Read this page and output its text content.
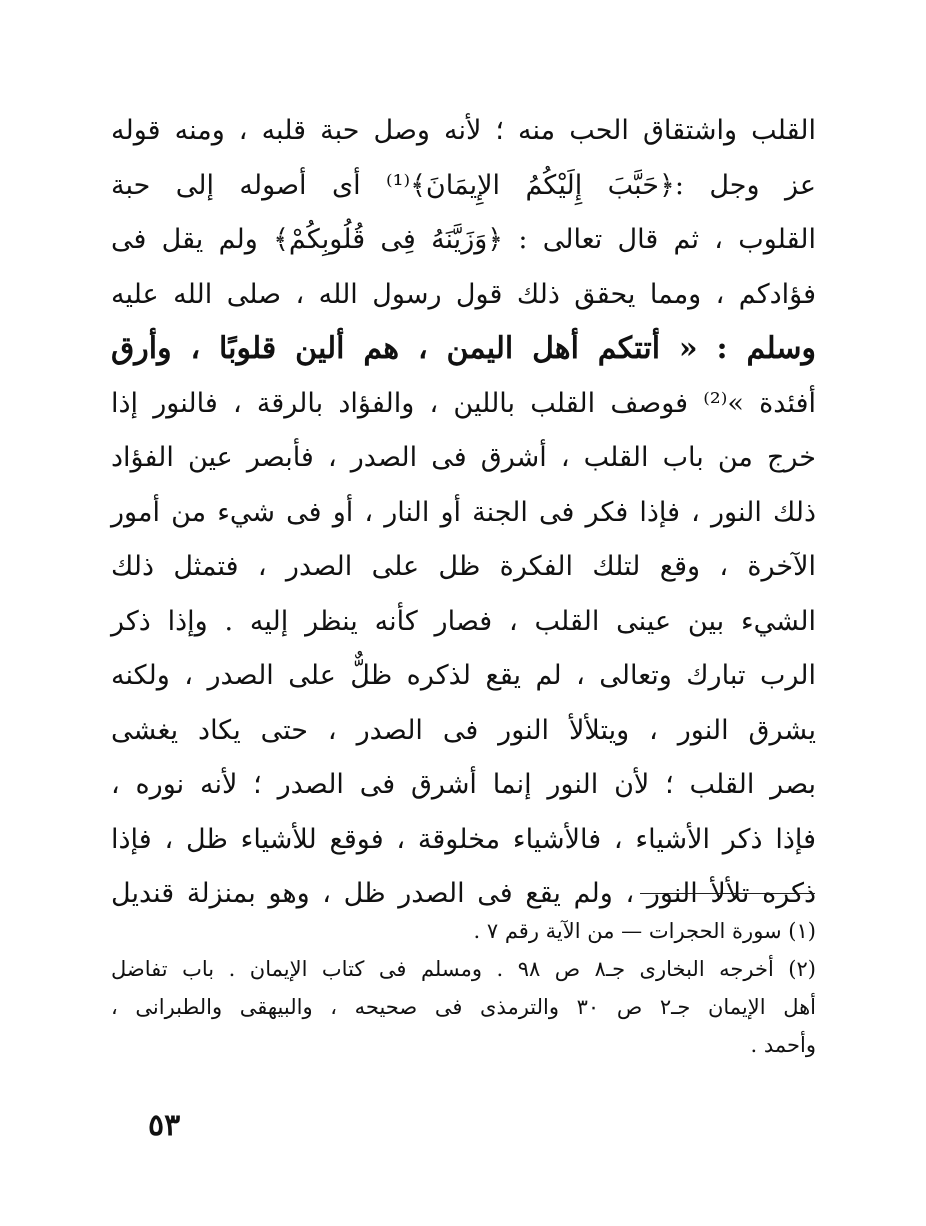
القلب واشتقاق الحب منه ؛ لأنه وصل حبة قلبه ، ومنه قوله
عز وجل :﴿حَبَّبَ إِلَيْكُمُ الإِيمَانَ﴾⁽¹⁾ أى أصوله إلى حبة
القلوب ، ثم قال تعالى : ﴿وَزَيَّنَهُ فِى قُلُوبِكُمْ﴾ ولم يقل فى
فؤادكم ، ومما يحقق ذلك قول رسول الله ، صلى الله عليه
وسلم : « أتتكم أهل اليمن ، هم ألين قلوبًا ، وأرق
أفئدة »⁽²⁾ فوصف القلب باللين ، والفؤاد بالرقة ، فالنور إذا
خرج من باب القلب ، أشرق فى الصدر ، فأبصر عين الفؤاد
ذلك النور ، فإذا فكر فى الجنة أو النار ، أو فى شيء من أمور
الآخرة ، وقع لتلك الفكرة ظل على الصدر ، فتمثل ذلك
الشيء بين عينى القلب ، فصار كأنه ينظر إليه . وإذا ذكر
الرب تبارك وتعالى ، لم يقع لذكره ظلٌّ على الصدر ، ولكنه
يشرق النور ، ويتلألأ النور فى الصدر ، حتى يكاد يغشى
بصر القلب ؛ لأن النور إنما أشرق فى الصدر ؛ لأنه نوره ،
فإذا ذكر الأشياء ، فالأشياء مخلوقة ، فوقع للأشياء ظل ، فإذا
ذكره تلألأ النور ، ولم يقع فى الصدر ظل ، وهو بمنزلة قنديل
(١) سورة الحجرات — من الآية رقم ٧ .
(٢) أخرجه البخارى جـ٨ ص ٩٨ . ومسلم فى كتاب الإيمان . باب تفاضل
أهل الإيمان جـ٢ ص ٣٠ والترمذى فى صحيحه ، والبيهقى والطبرانى ،
وأحمد .
٥٣
